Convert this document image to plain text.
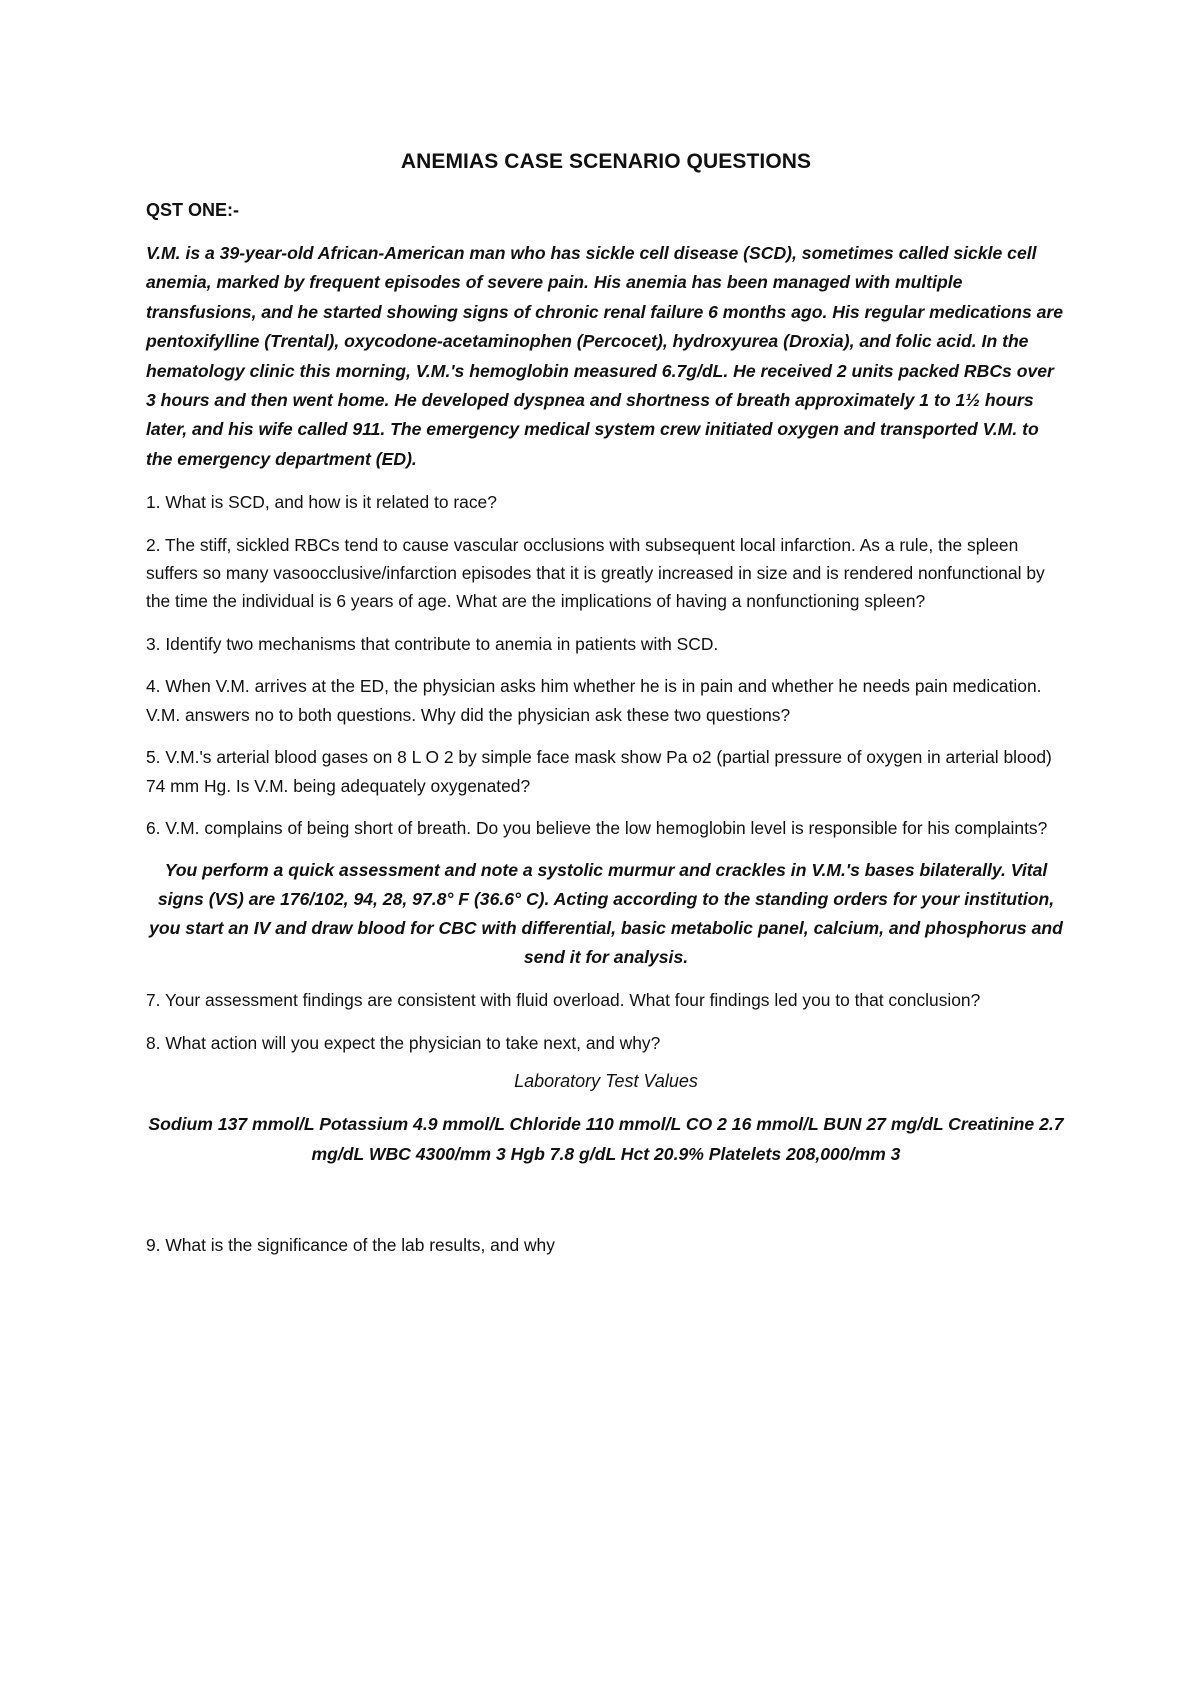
ANEMIAS CASE SCENARIO QUESTIONS

QST ONE:-

V.M. is a 39-year-old African-American man who has sickle cell disease (SCD), sometimes called sickle cell anemia, marked by frequent episodes of severe pain. His anemia has been managed with multiple transfusions, and he started showing signs of chronic renal failure 6 months ago. His regular medications are pentoxifylline (Trental), oxycodone-acetaminophen (Percocet), hydroxyurea (Droxia), and folic acid. In the hematology clinic this morning, V.M.'s hemoglobin measured 6.7g/dL. He received 2 units packed RBCs over 3 hours and then went home. He developed dyspnea and shortness of breath approximately 1 to 1½ hours later, and his wife called 911. The emergency medical system crew initiated oxygen and transported V.M. to the emergency department (ED).

1. What is SCD, and how is it related to race?

2. The stiff, sickled RBCs tend to cause vascular occlusions with subsequent local infarction. As a rule, the spleen suffers so many vasoocclusive/infarction episodes that it is greatly increased in size and is rendered nonfunctional by the time the individual is 6 years of age. What are the implications of having a nonfunctioning spleen?

3. Identify two mechanisms that contribute to anemia in patients with SCD.

4. When V.M. arrives at the ED, the physician asks him whether he is in pain and whether he needs pain medication. V.M. answers no to both questions. Why did the physician ask these two questions?

5. V.M.'s arterial blood gases on 8 L O 2 by simple face mask show Pa o2 (partial pressure of oxygen in arterial blood) 74 mm Hg. Is V.M. being adequately oxygenated?

6. V.M. complains of being short of breath. Do you believe the low hemoglobin level is responsible for his complaints?

You perform a quick assessment and note a systolic murmur and crackles in V.M.'s bases bilaterally. Vital signs (VS) are 176/102, 94, 28, 97.8° F (36.6° C). Acting according to the standing orders for your institution, you start an IV and draw blood for CBC with differential, basic metabolic panel, calcium, and phosphorus and send it for analysis.

7. Your assessment findings are consistent with fluid overload. What four findings led you to that conclusion?

8. What action will you expect the physician to take next, and why?

Laboratory Test Values

Sodium 137 mmol/L Potassium 4.9 mmol/L Chloride 110 mmol/L CO 2 16 mmol/L BUN 27 mg/dL Creatinine 2.7 mg/dL WBC 4300/mm 3 Hgb 7.8 g/dL Hct 20.9% Platelets 208,000/mm 3

9. What is the significance of the lab results, and why
